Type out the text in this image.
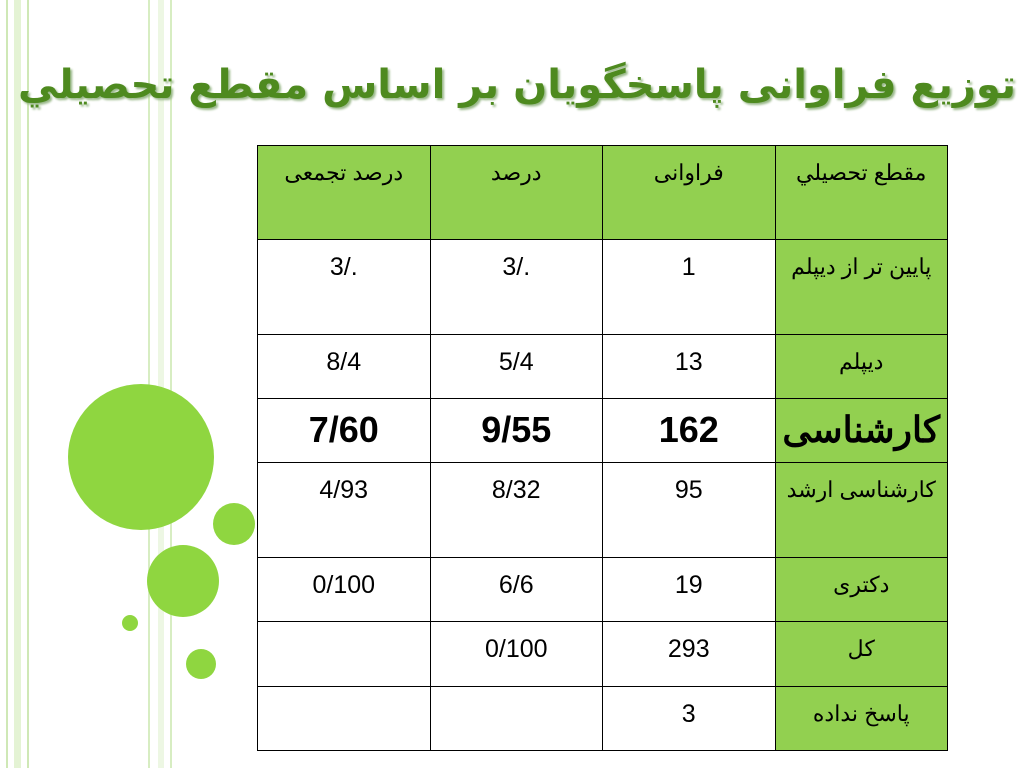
توزیع فراوانی پاسخگویان بر اساس مقطع تحصيلي
مقطع تحصيلي	فراوانی	درصد	درصد تجمعی
پایین تر از دیپلم	1	./3	./3
دیپلم	13	5/4	8/4
کارشناسی	162	9/55	7/60
کارشناسی ارشد	95	8/32	4/93
دکتری	19	6/6	0/100
کل	293	0/100	
پاسخ نداده	3		
